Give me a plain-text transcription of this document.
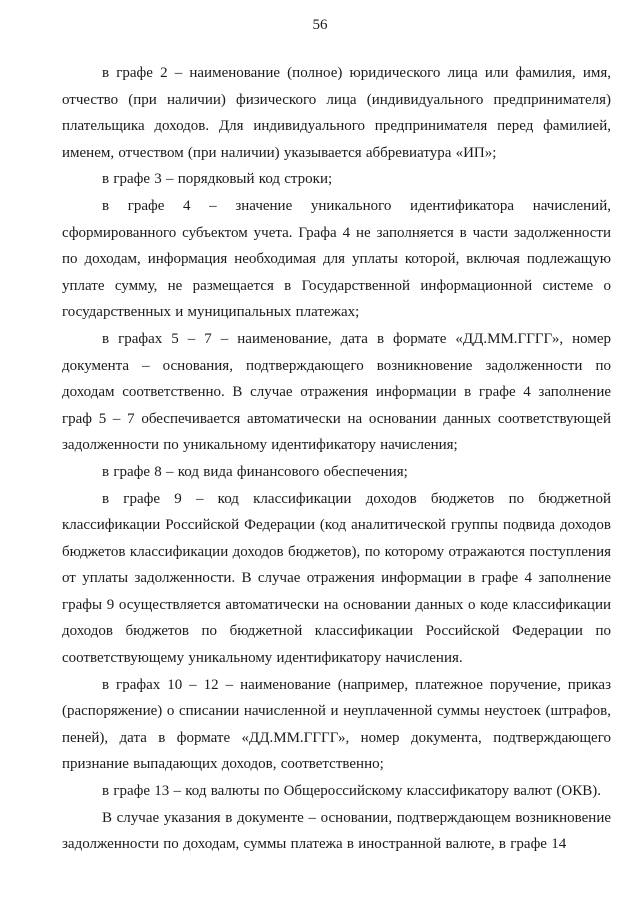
56

в графе 2 – наименование (полное) юридического лица или фамилия, имя, отчество (при наличии) физического лица (индивидуального предпринимателя) плательщика доходов. Для индивидуального предпринимателя перед фамилией, именем, отчеством (при наличии) указывается аббревиатура «ИП»;

в графе 3 – порядковый код строки;

в графе 4 – значение уникального идентификатора начислений, сформированного субъектом учета. Графа 4 не заполняется в части задолженности по доходам, информация необходимая для уплаты которой, включая подлежащую уплате сумму, не размещается в Государственной информационной системе о государственных и муниципальных платежах;

в графах 5 – 7 – наименование, дата в формате «ДД.ММ.ГГГГ», номер документа – основания, подтверждающего возникновение задолженности по доходам соответственно. В случае отражения информации в графе 4 заполнение граф 5 – 7 обеспечивается автоматически на основании данных соответствующей задолженности по уникальному идентификатору начисления;

в графе 8 – код вида финансового обеспечения;

в графе 9 – код классификации доходов бюджетов по бюджетной классификации Российской Федерации (код аналитической группы подвида доходов бюджетов классификации доходов бюджетов), по которому отражаются поступления от уплаты задолженности. В случае отражения информации в графе 4 заполнение графы 9 осуществляется автоматически на основании данных о коде классификации доходов бюджетов по бюджетной классификации Российской Федерации по соответствующему уникальному идентификатору начисления.

в графах 10 – 12 – наименование (например, платежное поручение, приказ (распоряжение) о списании начисленной и неуплаченной суммы неустоек (штрафов, пеней), дата в формате «ДД.ММ.ГГГГ», номер документа, подтверждающего признание выпадающих доходов, соответственно;

в графе 13 – код валюты по Общероссийскому классификатору валют (ОКВ).

В случае указания в документе – основании, подтверждающем возникновение задолженности по доходам, суммы платежа в иностранной валюте, в графе 14
